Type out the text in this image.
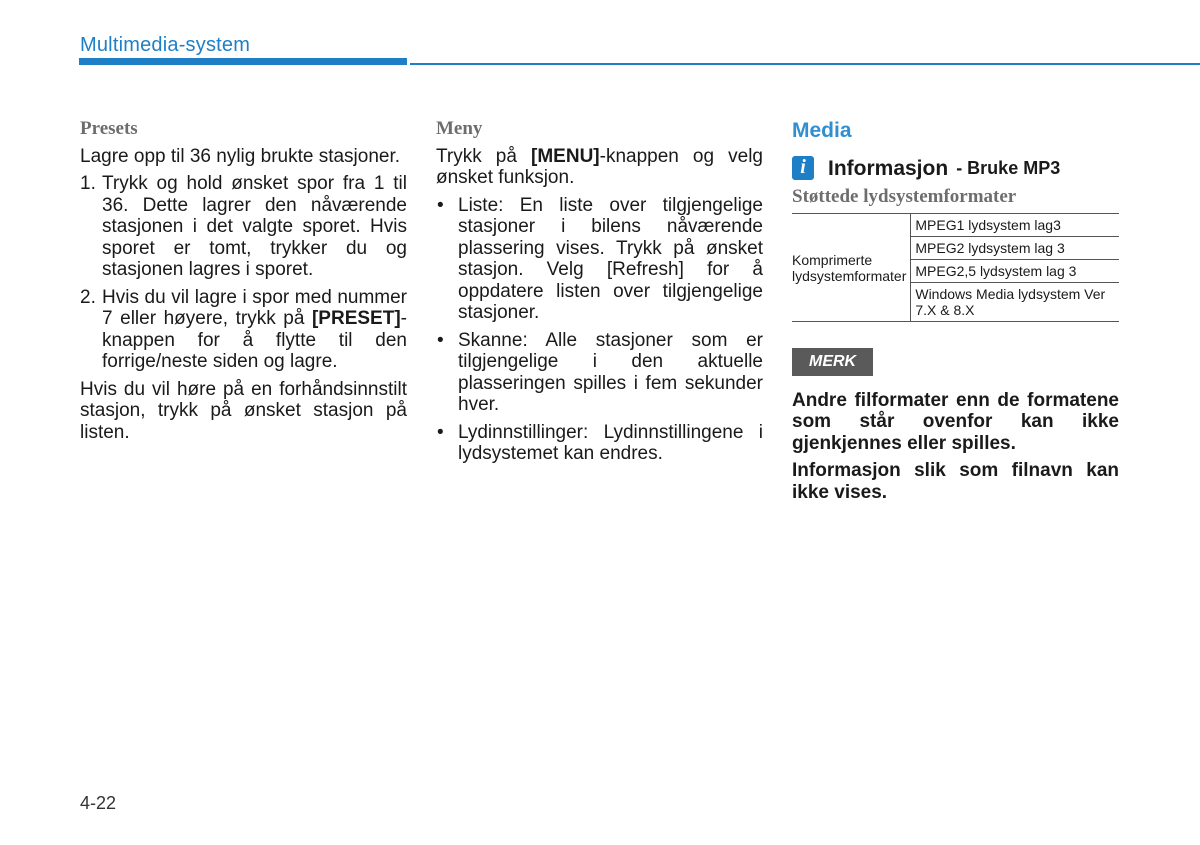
Multimedia-system
Presets

Lagre opp til 36 nylig brukte stasjoner.

1. Trykk og hold ønsket spor fra 1 til 36. Dette lagrer den nåværende stasjonen i det valgte sporet. Hvis sporet er tomt, trykker du og stasjonen lagres i sporet.
2. Hvis du vil lagre i spor med nummer 7 eller høyere, trykk på [PRESET]-knappen for å flytte til den forrige/neste siden og lagre.

Hvis du vil høre på en forhåndsinnstilt stasjon, trykk på ønsket stasjon på listen.

Meny

Trykk på [MENU]-knappen og velg ønsket funksjon.

• Liste: En liste over tilgjengelige stasjoner i bilens nåværende plassering vises. Trykk på ønsket stasjon. Velg [Refresh] for å oppdatere listen over tilgjengelige stasjoner.
• Skanne: Alle stasjoner som er tilgjengelige i den aktuelle plasseringen spilles i fem sekunder hver.
• Lydinnstillinger: Lydinnstillingene i lydsystemet kan endres.
Media
i	Informasjon - Bruke MP3
Støttede lydsystemformater
Komprimerte lydsystemformater	MPEG1 lydsystem lag3
MPEG2 lydsystem lag 3
MPEG2,5 lydsystem lag 3
Windows Media lydsystem Ver 7.X & 8.X
MERK

Andre filformater enn de formatene som står ovenfor kan ikke gjenkjennes eller spilles.

Informasjon slik som filnavn kan ikke vises.

4-22
